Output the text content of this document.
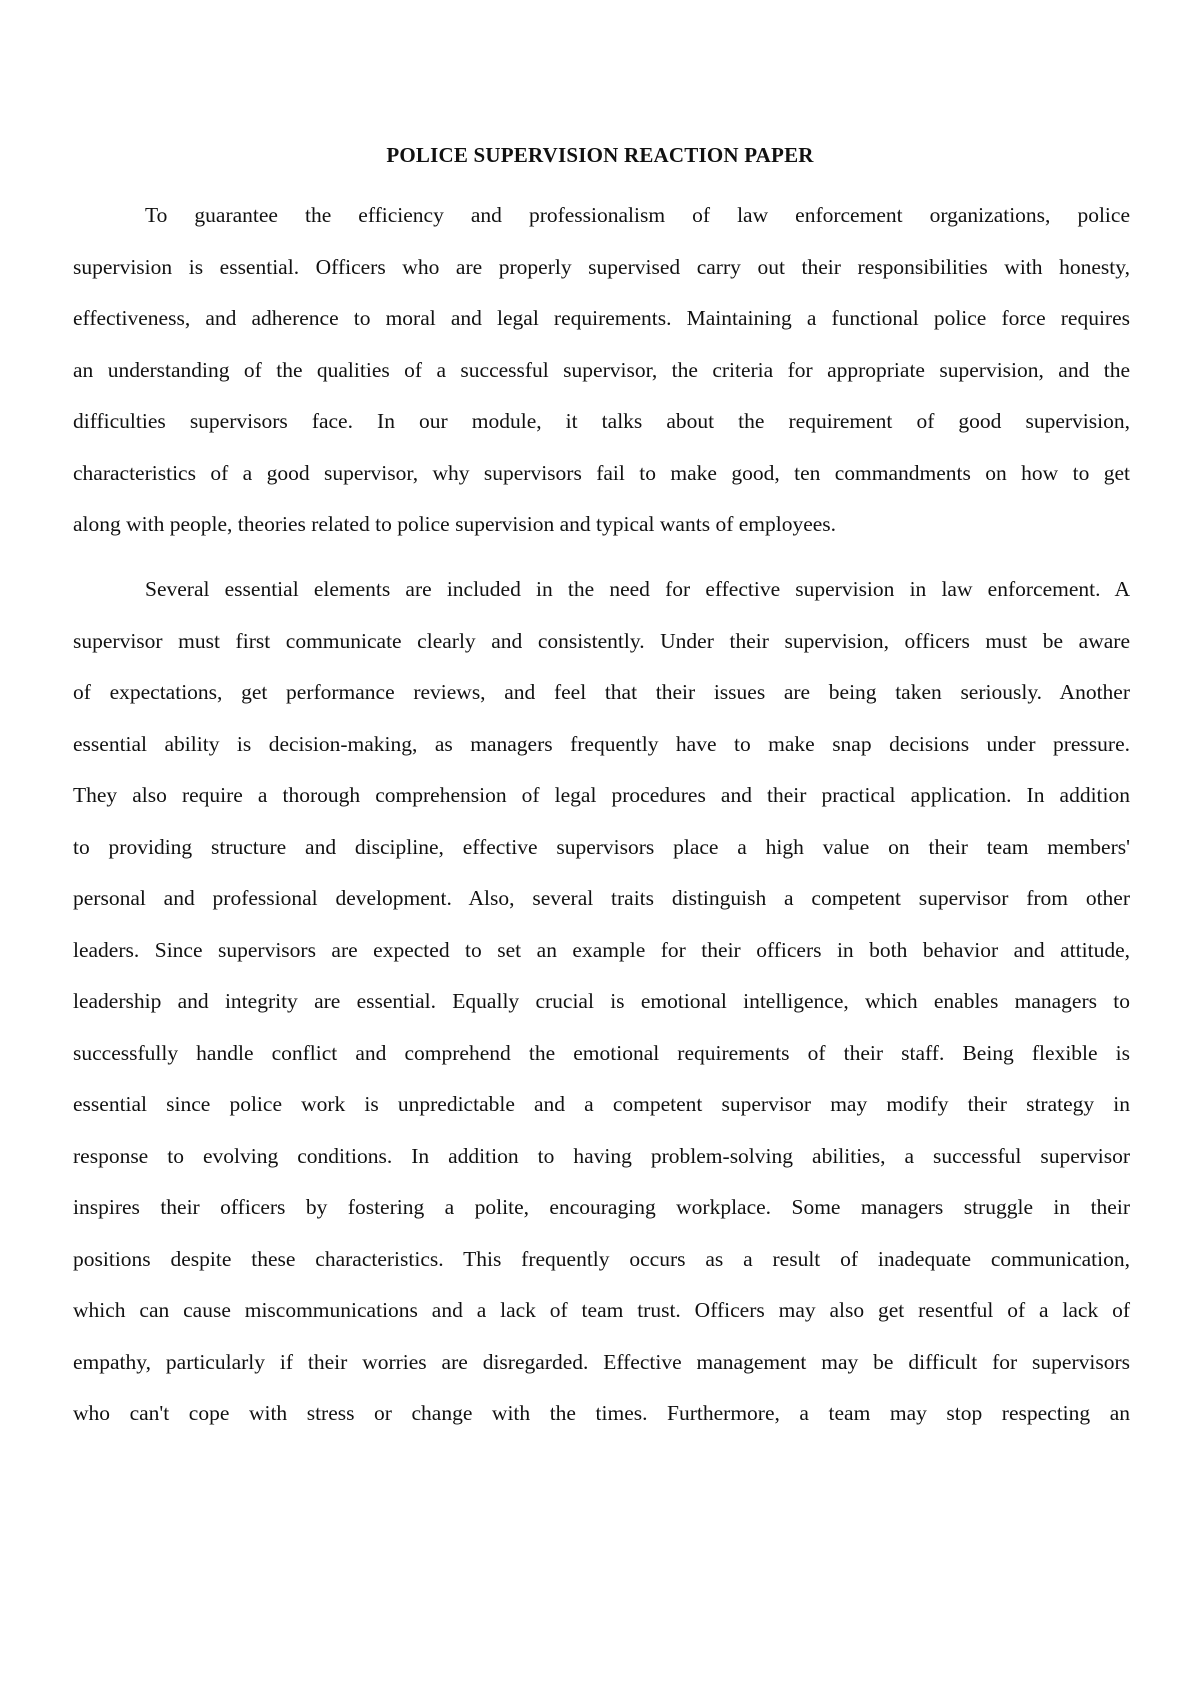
POLICE SUPERVISION REACTION PAPER
To guarantee the efficiency and professionalism of law enforcement organizations, police
supervision is essential. Officers who are properly supervised carry out their responsibilities with honesty,
effectiveness, and adherence to moral and legal requirements. Maintaining a functional police force requires
an understanding of the qualities of a successful supervisor, the criteria for appropriate supervision, and the
difficulties supervisors face. In our module, it talks about the requirement of good supervision,
characteristics of a good supervisor, why supervisors fail to make good, ten commandments on how to get
along with people, theories related to police supervision and typical wants of employees.
Several essential elements are included in the need for effective supervision in law enforcement. A
supervisor must first communicate clearly and consistently. Under their supervision, officers must be aware
of expectations, get performance reviews, and feel that their issues are being taken seriously. Another
essential ability is decision-making, as managers frequently have to make snap decisions under pressure.
They also require a thorough comprehension of legal procedures and their practical application. In addition
to providing structure and discipline, effective supervisors place a high value on their team members'
personal and professional development. Also, several traits distinguish a competent supervisor from other
leaders. Since supervisors are expected to set an example for their officers in both behavior and attitude,
leadership and integrity are essential. Equally crucial is emotional intelligence, which enables managers to
successfully handle conflict and comprehend the emotional requirements of their staff. Being flexible is
essential since police work is unpredictable and a competent supervisor may modify their strategy in
response to evolving conditions. In addition to having problem-solving abilities, a successful supervisor
inspires their officers by fostering a polite, encouraging workplace. Some managers struggle in their
positions despite these characteristics. This frequently occurs as a result of inadequate communication,
which can cause miscommunications and a lack of team trust. Officers may also get resentful of a lack of
empathy, particularly if their worries are disregarded. Effective management may be difficult for supervisors
who can't cope with stress or change with the times. Furthermore, a team may stop respecting an
